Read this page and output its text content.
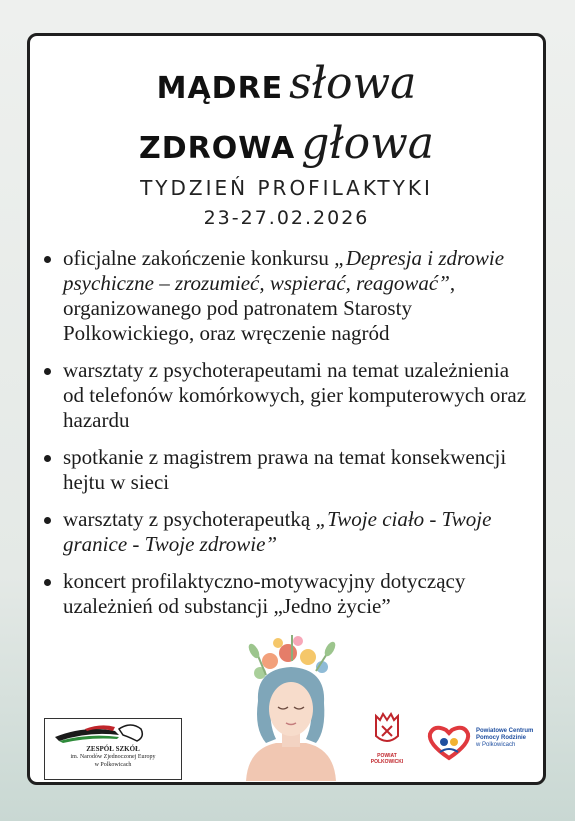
MĄDRE słowa
ZDROWA głowa
TYDZIEŃ PROFILAKTYKI
23-27.02.2026
oficjalne zakończenie konkursu „Depresja i zdrowie psychiczne – zrozumieć, wspierać, reagować”, organizowanego pod patronatem Starosty Polkowickiego, oraz wręczenie nagród
warsztaty z psychoterapeutami na temat uzależnienia od telefonów komórkowych, gier komputerowych oraz hazardu
spotkanie z magistrem prawa na temat konsekwencji hejtu w sieci
warsztaty z psychoterapeutką „Twoje ciało - Twoje granice - Twoje zdrowie”
koncert profilaktyczno-motywacyjny dotyczący uzależnień od substancji „Jedno życie”
ZESPÓŁ SZKÓŁ
im. Narodów Zjednoczonej Europy
w Polkowicach
POWIAT
POLKOWICKI
Powiatowe Centrum
Pomocy Rodzinie
w Polkowicach
